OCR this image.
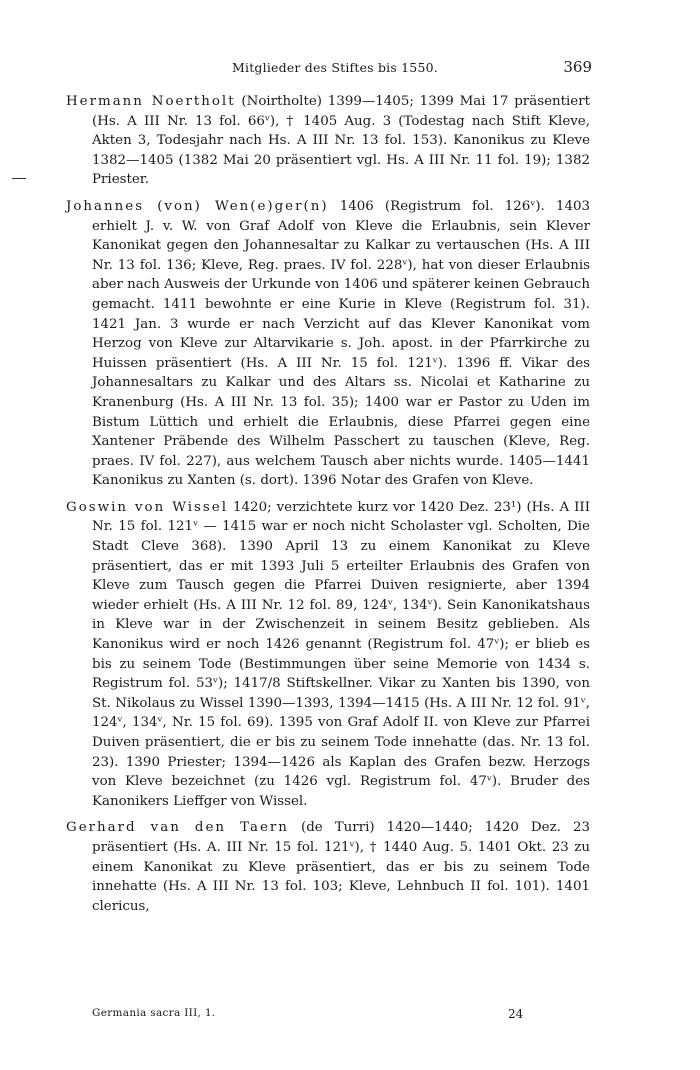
Mitglieder des Stiftes bis 1550.	369

Hermann Noertholt (Noirtholte) 1399—1405; 1399 Mai 17 präsentiert (Hs. A III Nr. 13 fol. 66ᵛ), † 1405 Aug. 3 (Todestag nach Stift Kleve, Akten 3, Todesjahr nach Hs. A III Nr. 13 fol. 153). Kanonikus zu Kleve 1382—1405 (1382 Mai 20 präsentiert vgl. Hs. A III Nr. 11 fol. 19); 1382 Priester.

Johannes (von) Wen(e)ger(n) 1406 (Registrum fol. 126ᵛ). 1403 erhielt J. v. W. von Graf Adolf von Kleve die Erlaubnis, sein Klever Kanonikat gegen den Johannesaltar zu Kalkar zu vertauschen (Hs. A III Nr. 13 fol. 136; Kleve, Reg. praes. IV fol. 228ᵛ), hat von dieser Erlaubnis aber nach Ausweis der Urkunde von 1406 und späterer keinen Gebrauch gemacht. 1411 bewohnte er eine Kurie in Kleve (Registrum fol. 31). 1421 Jan. 3 wurde er nach Verzicht auf das Klever Kanonikat vom Herzog von Kleve zur Altarvikarie s. Joh. apost. in der Pfarrkirche zu Huissen präsentiert (Hs. A III Nr. 15 fol. 121ᵛ). 1396 ff. Vikar des Johannesaltars zu Kalkar und des Altars ss. Nicolai et Katharine zu Kranenburg (Hs. A III Nr. 13 fol. 35); 1400 war er Pastor zu Uden im Bistum Lüttich und erhielt die Erlaubnis, diese Pfarrei gegen eine Xantener Präbende des Wilhelm Passchert zu tauschen (Kleve, Reg. praes. IV fol. 227), aus welchem Tausch aber nichts wurde. 1405—1441 Kanonikus zu Xanten (s. dort). 1396 Notar des Grafen von Kleve.

Goswin von Wissel 1420; verzichtete kurz vor 1420 Dez. 23¹) (Hs. A III Nr. 15 fol. 121ᵛ — 1415 war er noch nicht Scholaster vgl. Scholten, Die Stadt Cleve 368). 1390 April 13 zu einem Kanonikat zu Kleve präsentiert, das er mit 1393 Juli 5 erteilter Erlaubnis des Grafen von Kleve zum Tausch gegen die Pfarrei Duiven resignierte, aber 1394 wieder erhielt (Hs. A III Nr. 12 fol. 89, 124ᵛ, 134ᵛ). Sein Kanonikatshaus in Kleve war in der Zwischenzeit in seinem Besitz geblieben. Als Kanonikus wird er noch 1426 genannt (Registrum fol. 47ᵛ); er blieb es bis zu seinem Tode (Bestimmungen über seine Memorie von 1434 s. Registrum fol. 53ᵛ); 1417/8 Stiftskellner. Vikar zu Xanten bis 1390, von St. Nikolaus zu Wissel 1390—1393, 1394—1415 (Hs. A III Nr. 12 fol. 91ᵛ, 124ᵛ, 134ᵛ, Nr. 15 fol. 69). 1395 von Graf Adolf II. von Kleve zur Pfarrei Duiven präsentiert, die er bis zu seinem Tode innehatte (das. Nr. 13 fol. 23). 1390 Priester; 1394—1426 als Kaplan des Grafen bezw. Herzogs von Kleve bezeichnet (zu 1426 vgl. Registrum fol. 47ᵛ). Bruder des Kanonikers Lieffger von Wissel.

Gerhard van den Taern (de Turri) 1420—1440; 1420 Dez. 23 präsentiert (Hs. A. III Nr. 15 fol. 121ᵛ), † 1440 Aug. 5. 1401 Okt. 23 zu einem Kanonikat zu Kleve präsentiert, das er bis zu seinem Tode innehatte (Hs. A III Nr. 13 fol. 103; Kleve, Lehnbuch II fol. 101). 1401 clericus,

Germania sacra III, 1.	24
